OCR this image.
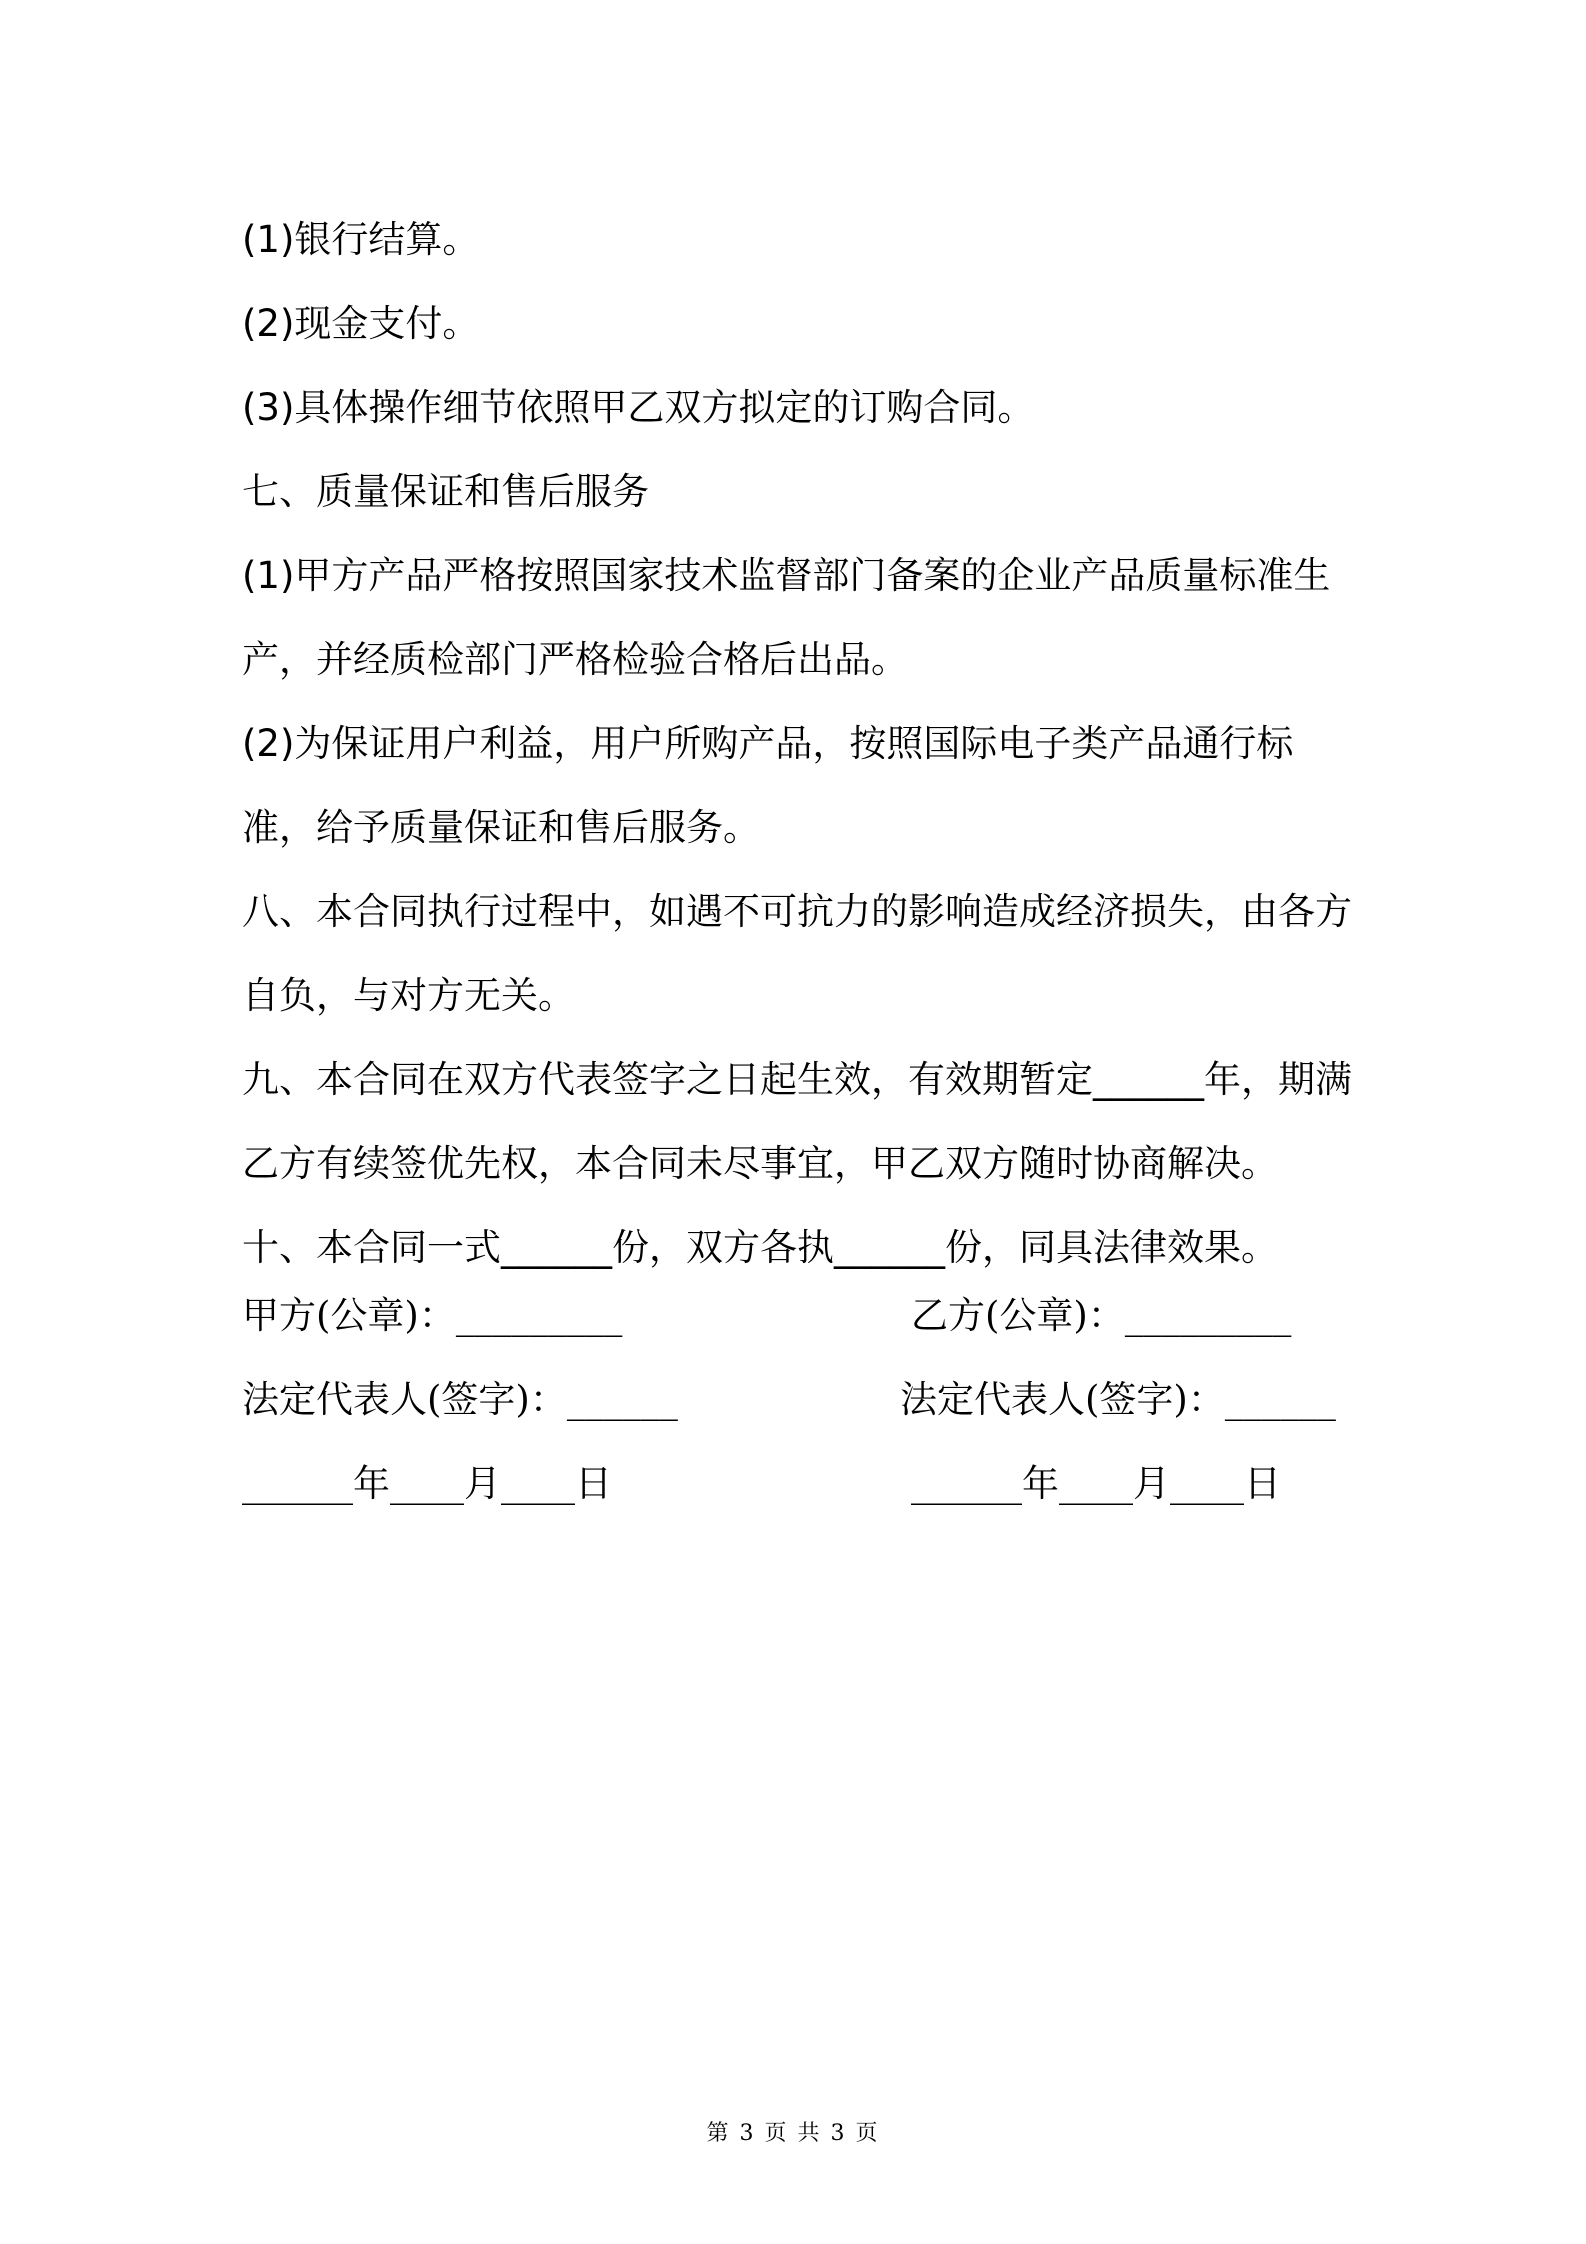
(1)银行结算。

(2)现金支付。

(3)具体操作细节依照甲乙双方拟定的订购合同。

七、质量保证和售后服务

(1)甲方产品严格按照国家技术监督部门备案的企业产品质量标准生产，并经质检部门严格检验合格后出品。

(2)为保证用户利益，用户所购产品，按照国际电子类产品通行标准，给予质量保证和售后服务。

八、本合同执行过程中，如遇不可抗力的影响造成经济损失，由各方自负，与对方无关。

九、本合同在双方代表签字之日起生效，有效期暂定______年，期满乙方有续签优先权，本合同未尽事宜，甲乙双方随时协商解决。

十、本合同一式______份，双方各执______份，同具法律效果。

甲方(公章)：_________	乙方(公章)：_________
法定代表人(签字)：______	法定代表人(签字)：______
______年____月____日	______年____月____日
第 3 页 共 3 页
